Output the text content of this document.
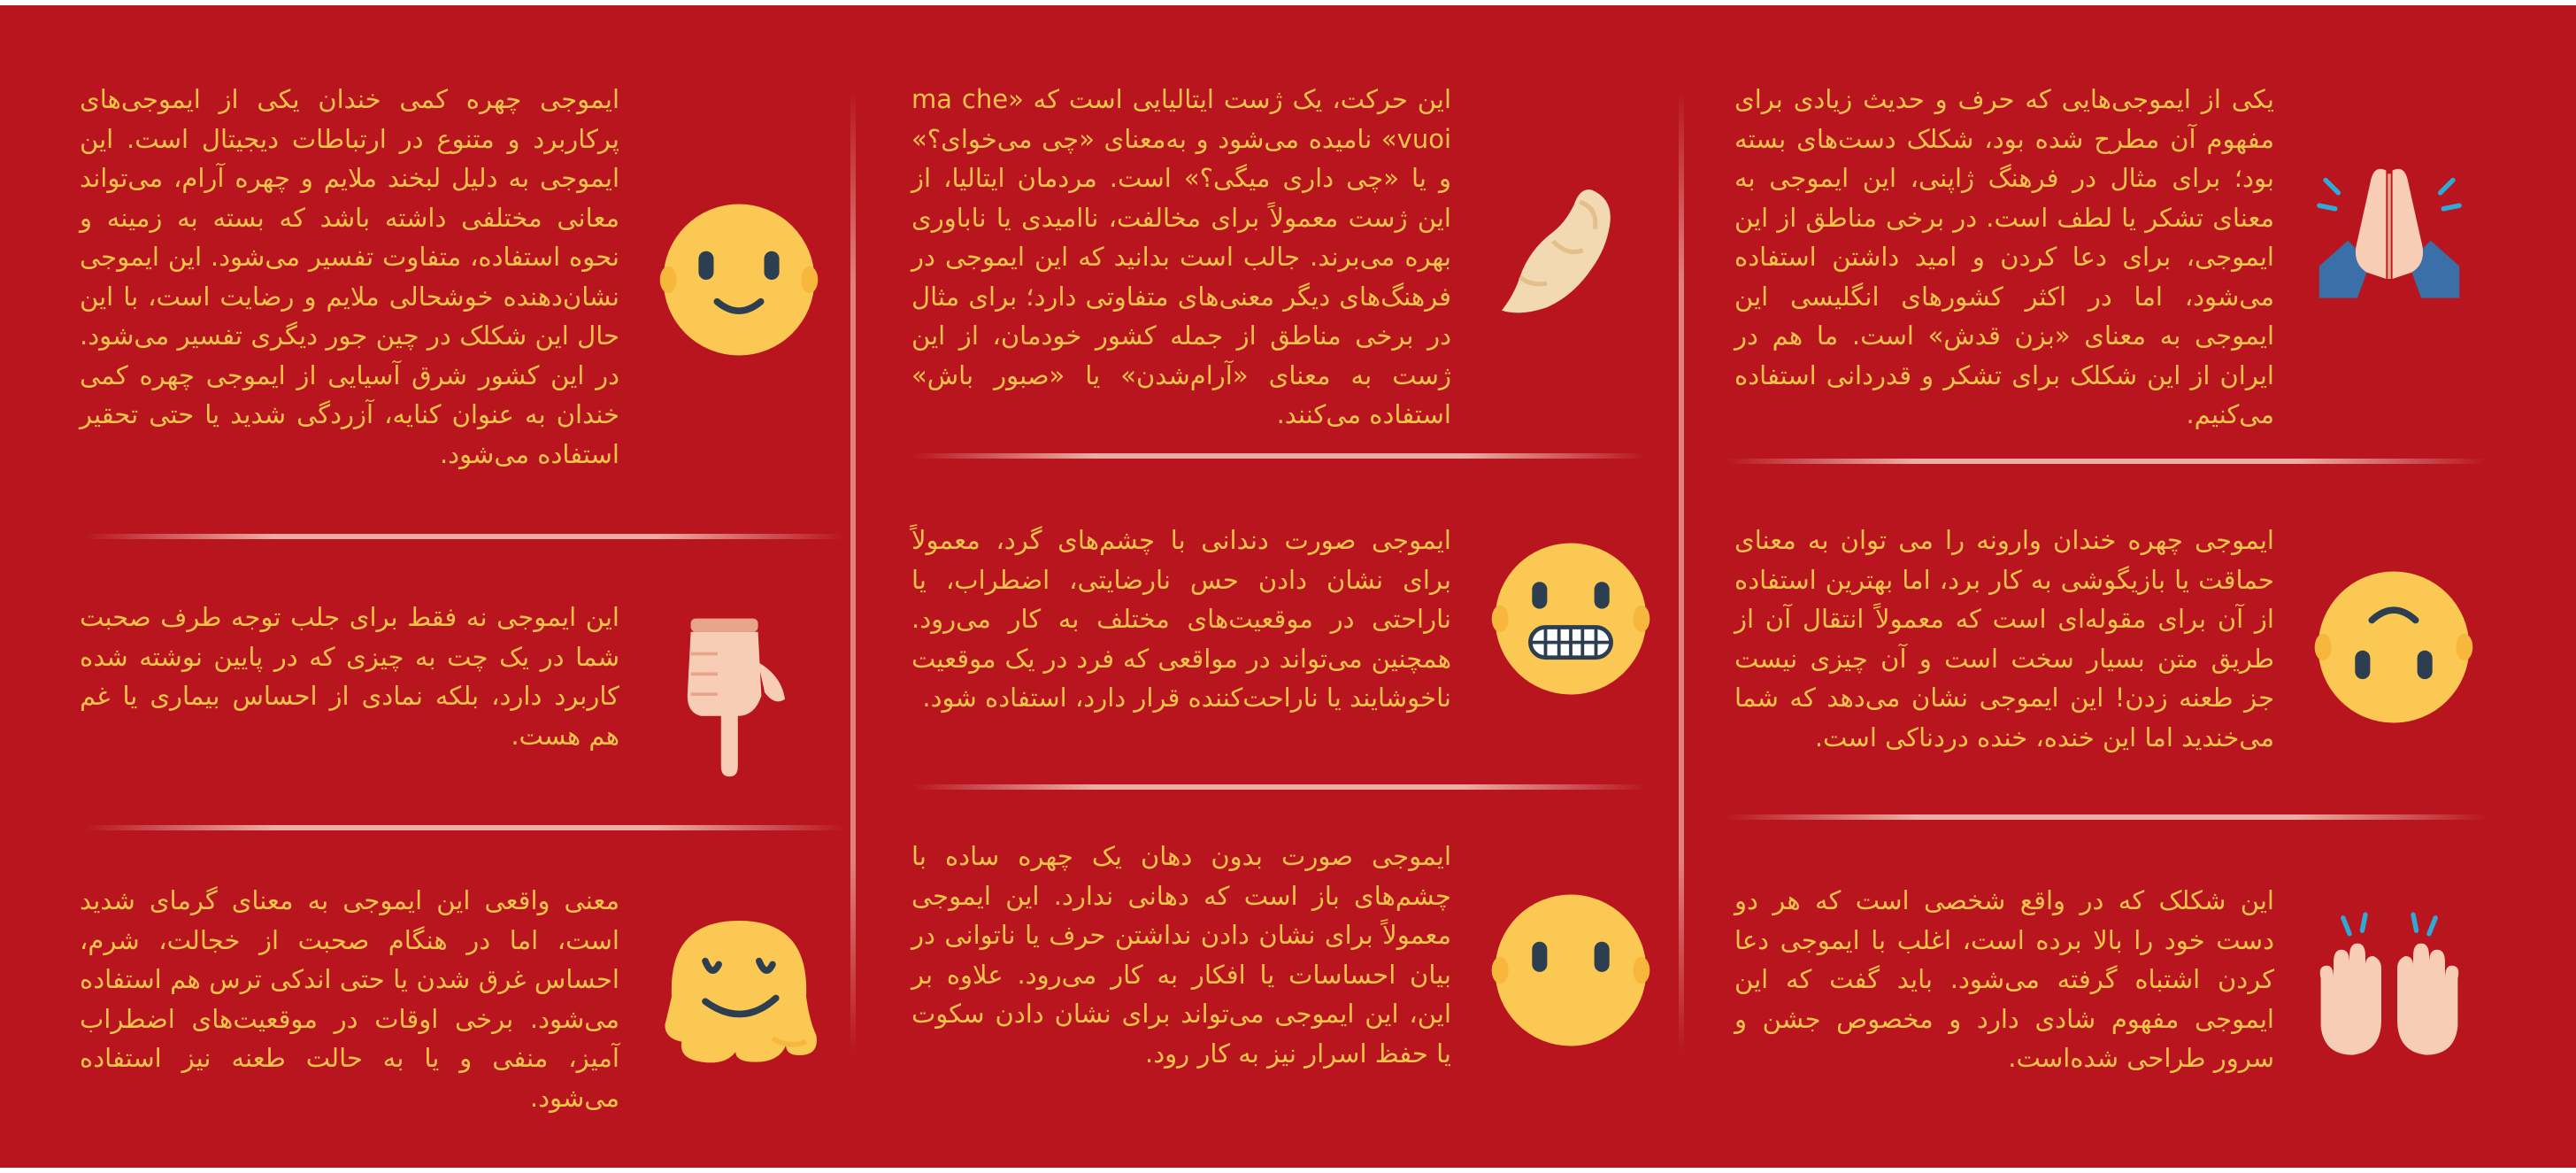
ایموجی چهره کمی خندان یکی از ایموجی‌های پرکاربرد و متنوع در ارتباطات دیجیتال است. این ایموجی به دلیل لبخند ملایم و چهره آرام، می‌تواند معانی مختلفی داشته باشد که بسته به زمینه و نحوه استفاده، متفاوت تفسیر می‌شود. این ایموجی نشان‌دهنده خوشحالی ملایم و رضایت است، با این حال این شکلک در چین جور دیگری تفسیر می‌شود. در این کشور شرق آسیایی از ایموجی چهره کمی خندان به عنوان کنایه، آزردگی شدید یا حتی تحقیر استفاده می‌شود.
این ایموجی نه فقط برای جلب توجه طرف صحبت شما در یک چت به چیزی که در پایین نوشته شده کاربرد دارد، بلکه نمادی از احساس بیماری یا غم هم هست.
معنی واقعی این ایموجی به معنای گرمای شدید است، اما در هنگام صحبت از خجالت، شرم، احساس غرق شدن یا حتی اندکی ترس هم استفاده می‌شود. برخی اوقات در موقعیت‌های اضطراب آمیز، منفی و یا به حالت طعنه نیز استفاده می‌شود.
این حرکت، یک ژست ایتالیایی است که «ma che vuoi» نامیده می‌شود و به‌معنای «چی می‌خوای؟» و یا «چی داری میگی؟» است. مردمان ایتالیا، از این ژست معمولاً برای مخالفت، ناامیدی یا ناباوری بهره می‌برند. جالب است بدانید که این ایموجی در فرهنگ‌های دیگر معنی‌های متفاوتی دارد؛ برای مثال در برخی مناطق از جمله کشور خودمان، از این ژست به معنای «آرام‌شدن» یا «صبور باش» استفاده می‌کنند.
ایموجی صورت دندانی با چشم‌های گرد، معمولاً برای نشان دادن حس نارضایتی، اضطراب، یا ناراحتی در موقعیت‌های مختلف به کار می‌رود. همچنین می‌تواند در مواقعی که فرد در یک موقعیت ناخوشایند یا ناراحت‌کننده قرار دارد، استفاده شود.
ایموجی صورت بدون دهان یک چهره ساده با چشم‌های باز است که دهانی ندارد. این ایموجی معمولاً برای نشان دادن نداشتن حرف یا ناتوانی در بیان احساسات یا افکار به کار می‌رود. علاوه بر این، این ایموجی می‌تواند برای نشان دادن سکوت یا حفظ اسرار نیز به کار رود.
یکی از ایموجی‌هایی که حرف و حدیث زیادی برای مفهوم آن مطرح شده بود، شکلک دست‌های بسته بود؛ برای مثال در فرهنگ ژاپنی، این ایموجی به معنای تشکر یا لطف است. در برخی مناطق از این ایموجی، برای دعا کردن و امید داشتن استفاده می‌شود، اما در اکثر کشورهای انگلیسی این ایموجی به معنای «بزن قدش» است. ما هم در ایران از این شکلک برای تشکر و قدردانی استفاده می‌کنیم.
ایموجی چهره خندان وارونه را می توان به معنای حماقت یا بازیگوشی به کار برد، اما بهترین استفاده از آن برای مقوله‌ای است که معمولاً انتقال آن از طریق متن بسیار سخت است و آن چیزی نیست جز طعنه زدن! این ایموجی نشان می‌دهد که شما می‌خندید اما این خنده، خنده دردناکی است.
این شکلک که در واقع شخصی است که هر دو دست خود را بالا برده است، اغلب با ایموجی دعا کردن اشتباه گرفته می‌شود. باید گفت که این ایموجی مفهوم شادی دارد و مخصوص جشن و سرور طراحی شده‌است.
